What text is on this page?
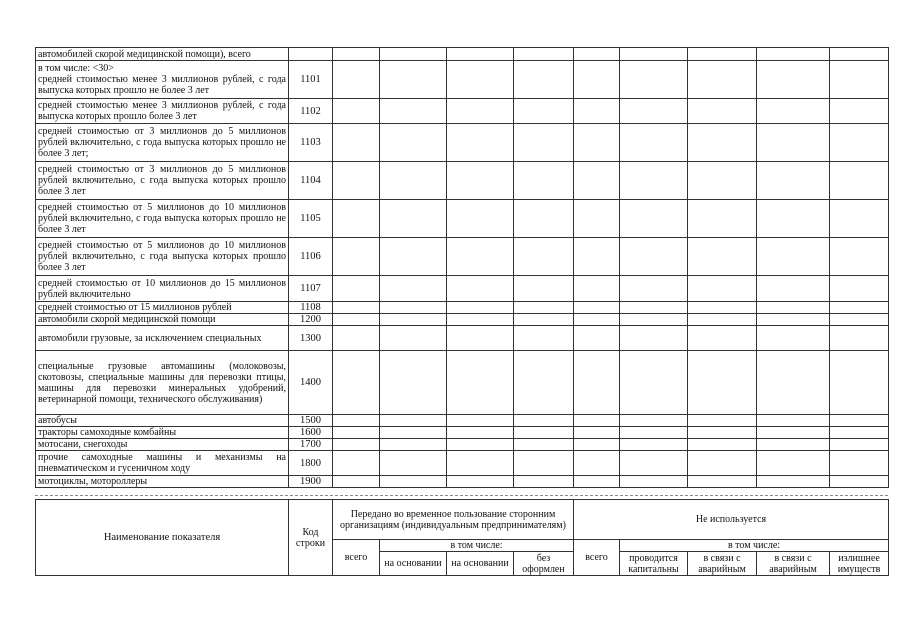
автомобилей скорой медицинской помощи), всего										
в том числе: <30>
средней стоимостью менее 3 миллионов рублей, с года выпуска которых прошло не более 3 лет	1101									
средней стоимостью менее 3 миллионов рублей, с года выпуска которых прошло более 3 лет	1102									
средней стоимостью от 3 миллионов до 5 миллионов рублей включительно, с года выпуска которых прошло не более 3 лет;	1103									
средней стоимостью от 3 миллионов до 5 миллионов рублей включительно, с года выпуска которых прошло более 3 лет	1104									
средней стоимостью от 5 миллионов до 10 миллионов рублей включительно, с года выпуска которых прошло не более 3 лет	1105									
средней стоимостью от 5 миллионов до 10 миллионов рублей включительно, с года выпуска которых прошло более 3 лет	1106									
средней стоимостью от 10 миллионов до 15 миллионов рублей включительно	1107									
средней стоимостью от 15 миллионов рублей	1108									
автомобили скорой медицинской помощи	1200									
автомобили грузовые, за исключением специальных	1300									
специальные грузовые автомашины (молоковозы, скотовозы, специальные машины для перевозки птицы, машины для перевозки минеральных удобрений, ветеринарной помощи, технического обслуживания)	1400									
автобусы	1500									
тракторы самоходные комбайны	1600									
мотосани, снегоходы	1700									
прочие самоходные машины и механизмы на пневматическом и гусеничном ходу	1800									
мотоциклы, мотороллеры	1900									
Наименование показателя	Код строки	Передано во временное пользование сторонним организациям (индивидуальным предпринимателям)				Не используется				
		всего	в том числе:			всего	в том числе:			
			на основании	на основании	без оформлен		проводится капитальны	в связи с аварийным	в связи с аварийным	излишнее имуществ
